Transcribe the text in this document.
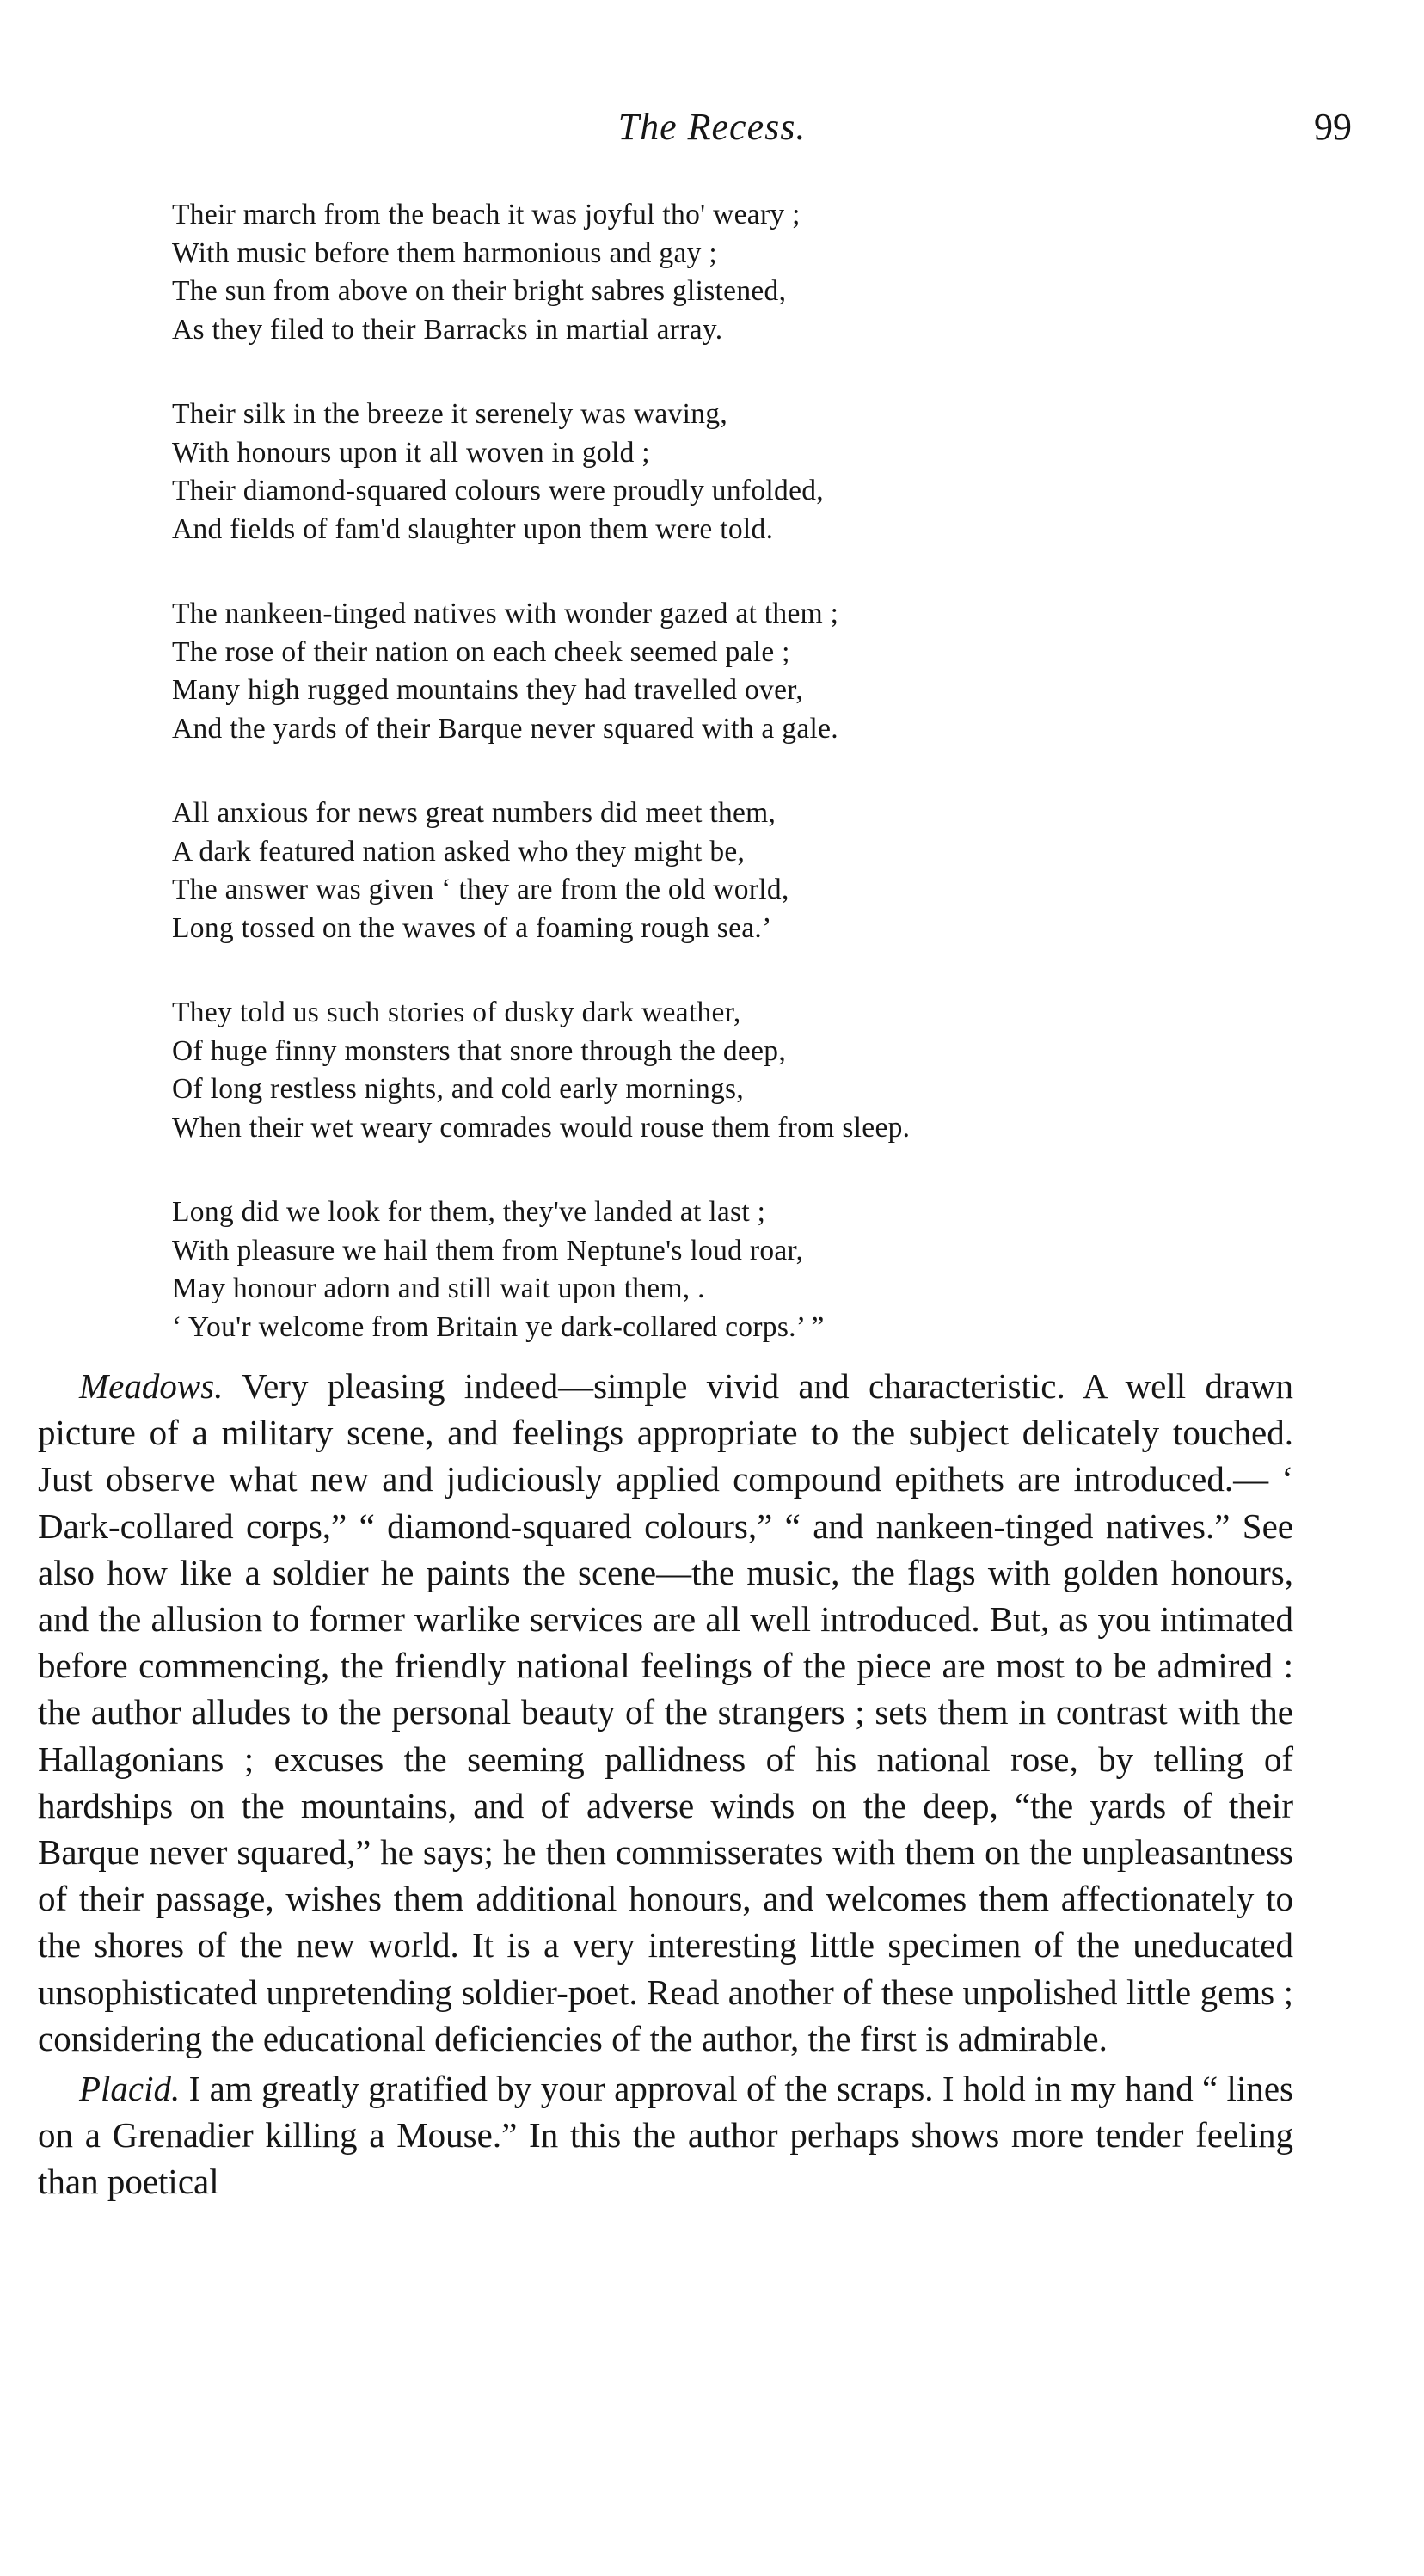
The Recess.	99
Their march from the beach it was joyful tho' weary ;
With music before them harmonious and gay ;
The sun from above on their bright sabres glistened,
As they filed to their Barracks in martial array.
Their silk in the breeze it serenely was waving,
With honours upon it all woven in gold ;
Their diamond-squared colours were proudly unfolded,
And fields of fam'd slaughter upon them were told.
The nankeen-tinged natives with wonder gazed at them ;
The rose of their nation on each cheek seemed pale ;
Many high rugged mountains they had travelled over,
And the yards of their Barque never squared with a gale.
All anxious for news great numbers did meet them,
A dark featured nation asked who they might be,
The answer was given ‘ they are from the old world,
Long tossed on the waves of a foaming rough sea.’
They told us such stories of dusky dark weather,
Of huge finny monsters that snore through the deep,
Of long restless nights, and cold early mornings,
When their wet weary comrades would rouse them from sleep.
Long did we look for them, they've landed at last ;
With pleasure we hail them from Neptune's loud roar,
May honour adorn and still wait upon them, .
‘ You'r welcome from Britain ye dark-collared corps.’ ”

Meadows. Very pleasing indeed—simple vivid and characteristic. A well drawn picture of a military scene, and feelings appropriate to the subject delicately touched. Just observe what new and judiciously applied compound epithets are introduced.— ‘ Dark-collared corps,” “ diamond-squared colours,” “ and nankeen-tinged natives.” See also how like a soldier he paints the scene—the music, the flags with golden honours, and the allusion to former warlike services are all well introduced. But, as you intimated before commencing, the friendly national feelings of the piece are most to be admired : the author alludes to the personal beauty of the strangers ; sets them in contrast with the Hallagonians ; excuses the seeming pallidness of his national rose, by telling of hardships on the mountains, and of adverse winds on the deep, “the yards of their Barque never squared,” he says; he then commisserates with them on the unpleasantness of their passage, wishes them additional honours, and welcomes them affectionately to the shores of the new world. It is a very interesting little specimen of the uneducated unsophisticated unpretending soldier-poet. Read another of these unpolished little gems ; considering the educational deficiencies of the author, the first is admirable.

Placid. I am greatly gratified by your approval of the scraps. I hold in my hand “ lines on a Grenadier killing a Mouse.” In this the author perhaps shows more tender feeling than poetical
